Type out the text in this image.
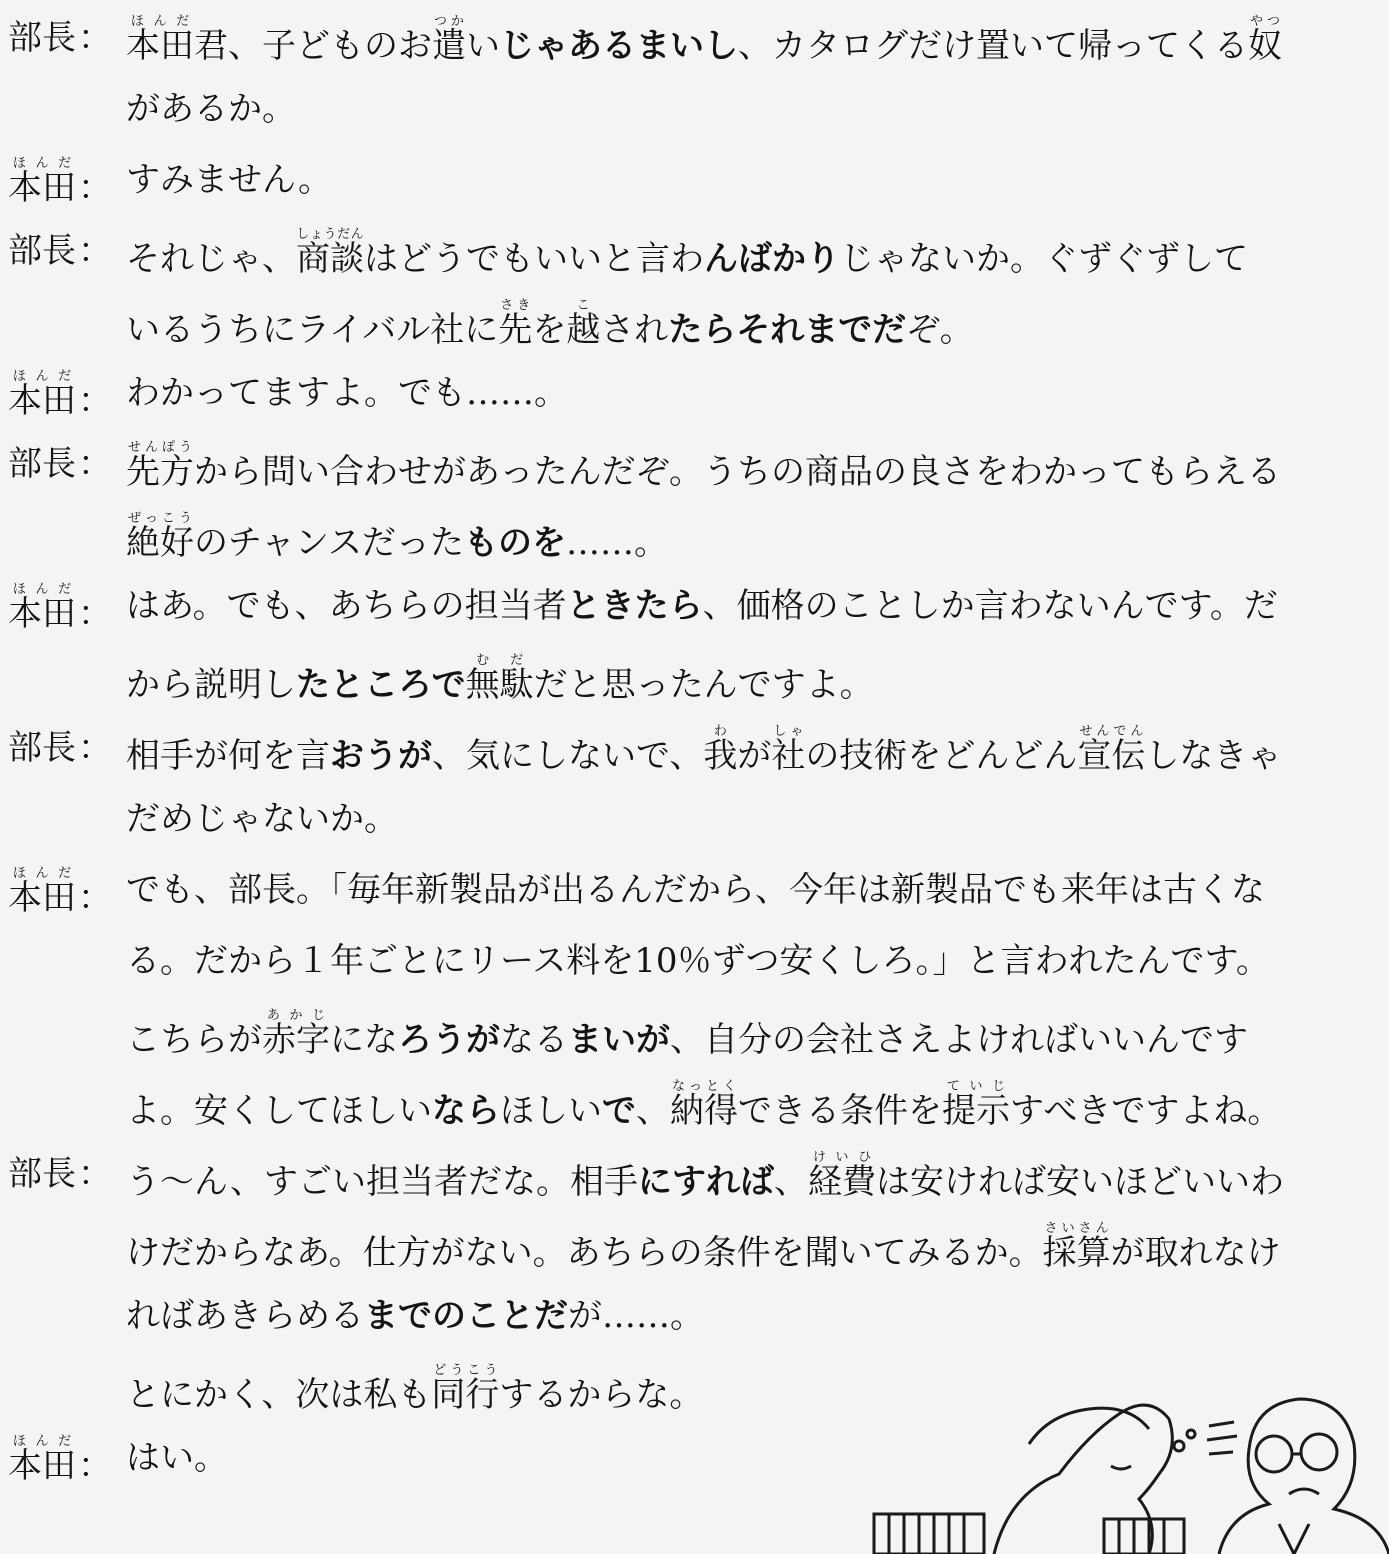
部長： 本田ほんだ君、子どものお遣つかいじゃあるまいし、カタログだけ置いて帰ってくる奴やつ
があるか。
本田ほんだ： すみません。
部長： それじゃ、商談しょうだんはどうでもいいと言わんばかりじゃないか。ぐずぐずして
いるうちにライバル社に先さきを越こされたらそれまでだぞ。
本田ほんだ： わかってますよ。でも……。
部長： 先方せんぽうから問い合わせがあったんだぞ。うちの商品の良さをわかってもらえる
絶好ぜっこうのチャンスだったものを……。
本田ほんだ： はあ。でも、あちらの担当者ときたら、価格のことしか言わないんです。だ
から説明したところで無駄むだだと思ったんですよ。
部長： 相手が何を言おうが、気にしないで、我わが社しゃの技術をどんどん宣伝せんでんしなきゃ
だめじゃないか。
本田ほんだ： でも、部長。「毎年新製品が出るんだから、今年は新製品でも来年は古くな
る。だから１年ごとにリース料を10％ずつ安くしろ。」と言われたんです。
こちらが赤字あかじになろうがなるまいが、自分の会社さえよければいいんです
よ。安くしてほしいならほしいで、納得なっとくできる条件を提示ていじすべきですよね。
部長： う～ん、すごい担当者だな。相手にすれば、経費けいひは安ければ安いほどいいわ
けだからなあ。仕方がない。あちらの条件を聞いてみるか。採算さいさんが取れなけ
ればあきらめるまでのことだが……。
とにかく、次は私も同行どうこうするからな。
本田ほんだ： はい。
